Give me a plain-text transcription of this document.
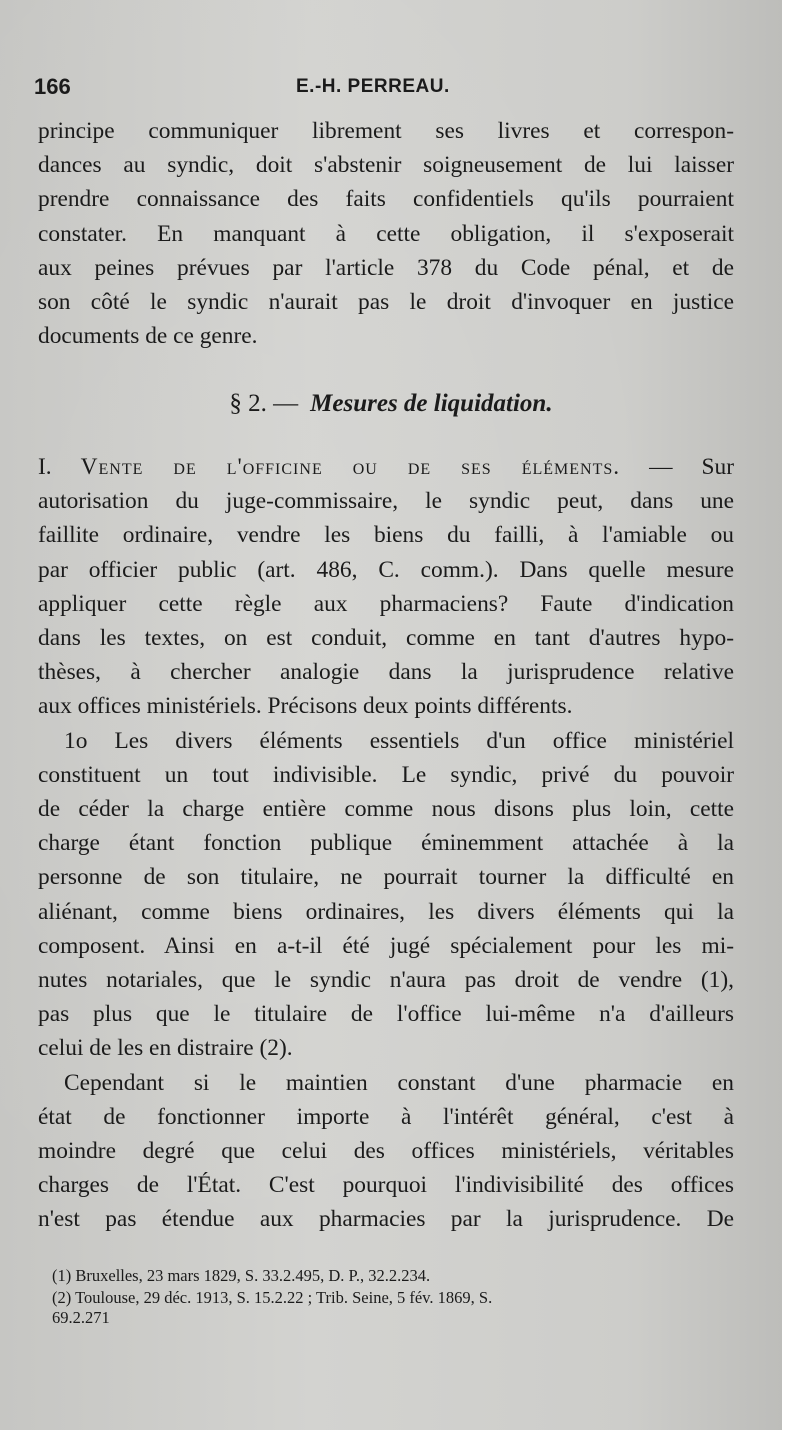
166	E.-H. PERREAU.
principe communiquer librement ses livres et correspon-
dances au syndic, doit s'abstenir soigneusement de lui laisser
prendre connaissance des faits confidentiels qu'ils pourraient
constater. En manquant à cette obligation, il s'exposerait
aux peines prévues par l'article 378 du Code pénal, et de
son côté le syndic n'aurait pas le droit d'invoquer en justice
documents de ce genre.
§ 2. — Mesures de liquidation.
I. Vente de l'officine ou de ses éléments. — Sur
autorisation du juge-commissaire, le syndic peut, dans une
faillite ordinaire, vendre les biens du failli, à l'amiable ou
par officier public (art. 486, C. comm.). Dans quelle mesure
appliquer cette règle aux pharmaciens? Faute d'indication
dans les textes, on est conduit, comme en tant d'autres hypo-
thèses, à chercher analogie dans la jurisprudence relative
aux offices ministériels. Précisons deux points différents.
1o Les divers éléments essentiels d'un office ministériel
constituent un tout indivisible. Le syndic, privé du pouvoir
de céder la charge entière comme nous disons plus loin, cette
charge étant fonction publique éminemment attachée à la
personne de son titulaire, ne pourrait tourner la difficulté en
aliénant, comme biens ordinaires, les divers éléments qui la
composent. Ainsi en a-t-il été jugé spécialement pour les mi-
nutes notariales, que le syndic n'aura pas droit de vendre (1),
pas plus que le titulaire de l'office lui-même n'a d'ailleurs
celui de les en distraire (2).
Cependant si le maintien constant d'une pharmacie en
état de fonctionner importe à l'intérêt général, c'est à
moindre degré que celui des offices ministériels, véritables
charges de l'État. C'est pourquoi l'indivisibilité des offices
n'est pas étendue aux pharmacies par la jurisprudence. De
(1) Bruxelles, 23 mars 1829, S. 33.2.495, D. P., 32.2.234.
(2) Toulouse, 29 déc. 1913, S. 15.2.22 ; Trib. Seine, 5 fév. 1869, S.
69.2.271
